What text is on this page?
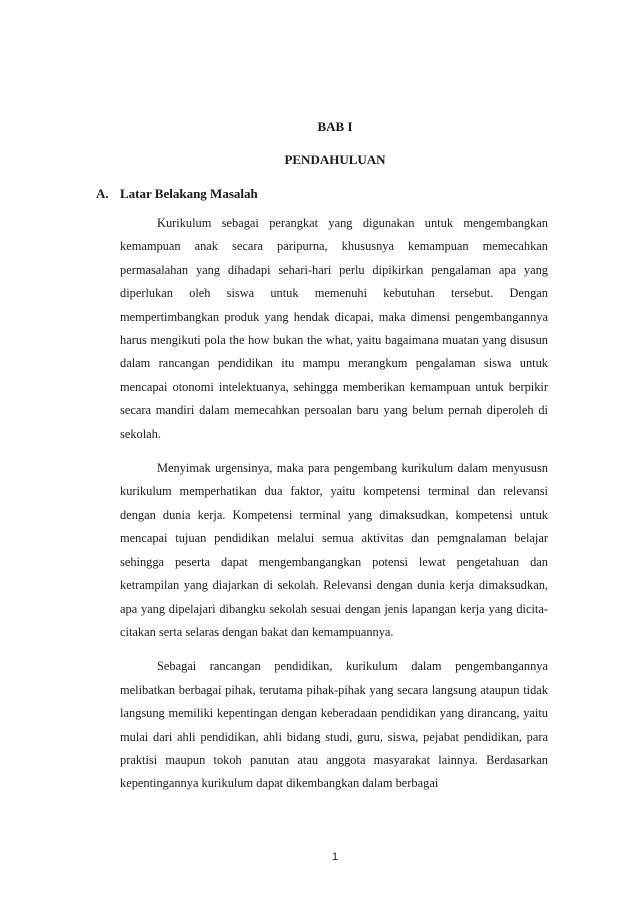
BAB I
PENDAHULUAN
A. Latar Belakang Masalah

Kurikulum sebagai perangkat yang digunakan untuk mengembangkan kemampuan anak secara paripurna, khususnya kemampuan memecahkan permasalahan yang dihadapi sehari-hari perlu dipikirkan pengalaman apa yang diperlukan oleh siswa untuk memenuhi kebutuhan tersebut. Dengan mempertimbangkan produk yang hendak dicapai, maka dimensi pengembangannya harus mengikuti pola the how bukan the what, yaitu bagaimana muatan yang disusun dalam rancangan pendidikan itu mampu merangkum pengalaman siswa untuk mencapai otonomi intelektuanya, sehingga memberikan kemampuan untuk berpikir secara mandiri dalam memecahkan persoalan baru yang belum pernah diperoleh di sekolah.

Menyimak urgensinya, maka para pengembang kurikulum dalam menyususn kurikulum memperhatikan dua faktor, yaitu kompetensi terminal dan relevansi dengan dunia kerja. Kompetensi terminal yang dimaksudkan, kompetensi untuk mencapai tujuan pendidikan melalui semua aktivitas dan pemgnalaman belajar sehingga peserta dapat mengembangangkan potensi lewat pengetahuan dan ketrampilan yang diajarkan di sekolah. Relevansi dengan dunia kerja dimaksudkan, apa yang dipelajari dibangku sekolah sesuai dengan jenis lapangan kerja yang dicita-citakan serta selaras dengan bakat dan kemampuannya.

Sebagai rancangan pendidikan, kurikulum dalam pengembangannya melibatkan berbagai pihak, terutama pihak-pihak yang secara langsung ataupun tidak langsung memiliki kepentingan dengan keberadaan pendidikan yang dirancang, yaitu mulai dari ahli pendidikan, ahli bidang studi, guru, siswa, pejabat pendidikan, para praktisi maupun tokoh panutan atau anggota masyarakat lainnya. Berdasarkan kepentingannya kurikulum dapat dikembangkan dalam berbagai

1
